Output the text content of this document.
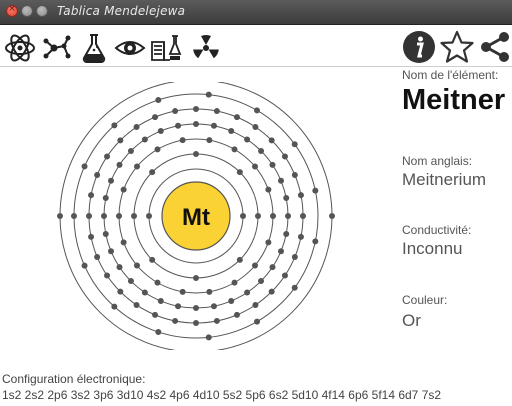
×	Tablica Mendelejewa
Mt
Nom de l'élément:
Meitner
Nom anglais:
Meitnerium
Conductivité:
Inconnu
Couleur:
Or
Configuration électronique:
1s2 2s2 2p6 3s2 3p6 3d10 4s2 4p6 4d10 5s2 5p6 6s2 5d10 4f14 6p6 5f14 6d7 7s2
